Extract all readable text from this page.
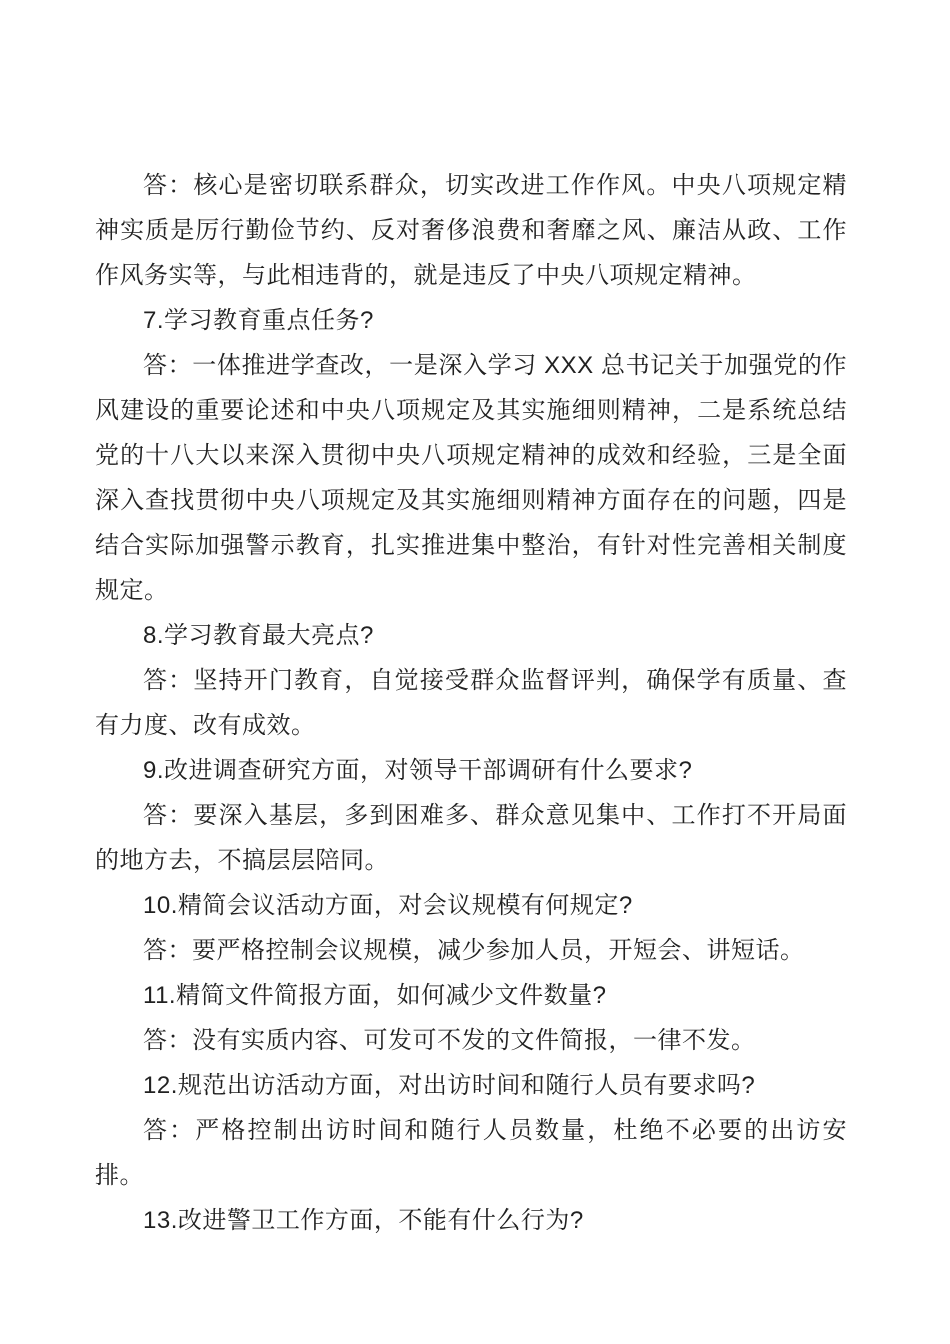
答：核心是密切联系群众，切实改进工作作风。中央八项规定精神实质是厉行勤俭节约、反对奢侈浪费和奢靡之风、廉洁从政、工作作风务实等，与此相违背的，就是违反了中央八项规定精神。

7.学习教育重点任务?

答：一体推进学查改，一是深入学习 XXX 总书记关于加强党的作风建设的重要论述和中央八项规定及其实施细则精神，二是系统总结党的十八大以来深入贯彻中央八项规定精神的成效和经验，三是全面深入查找贯彻中央八项规定及其实施细则精神方面存在的问题，四是结合实际加强警示教育，扎实推进集中整治，有针对性完善相关制度规定。

8.学习教育最大亮点?

答：坚持开门教育，自觉接受群众监督评判，确保学有质量、查有力度、改有成效。

9.改进调查研究方面，对领导干部调研有什么要求?

答：要深入基层，多到困难多、群众意见集中、工作打不开局面的地方去，不搞层层陪同。

10.精简会议活动方面，对会议规模有何规定?

答：要严格控制会议规模，减少参加人员，开短会、讲短话。

11.精简文件简报方面，如何减少文件数量?

答：没有实质内容、可发可不发的文件简报，一律不发。

12.规范出访活动方面，对出访时间和随行人员有要求吗?

答：严格控制出访时间和随行人员数量，杜绝不必要的出访安排。

13.改进警卫工作方面，不能有什么行为?
